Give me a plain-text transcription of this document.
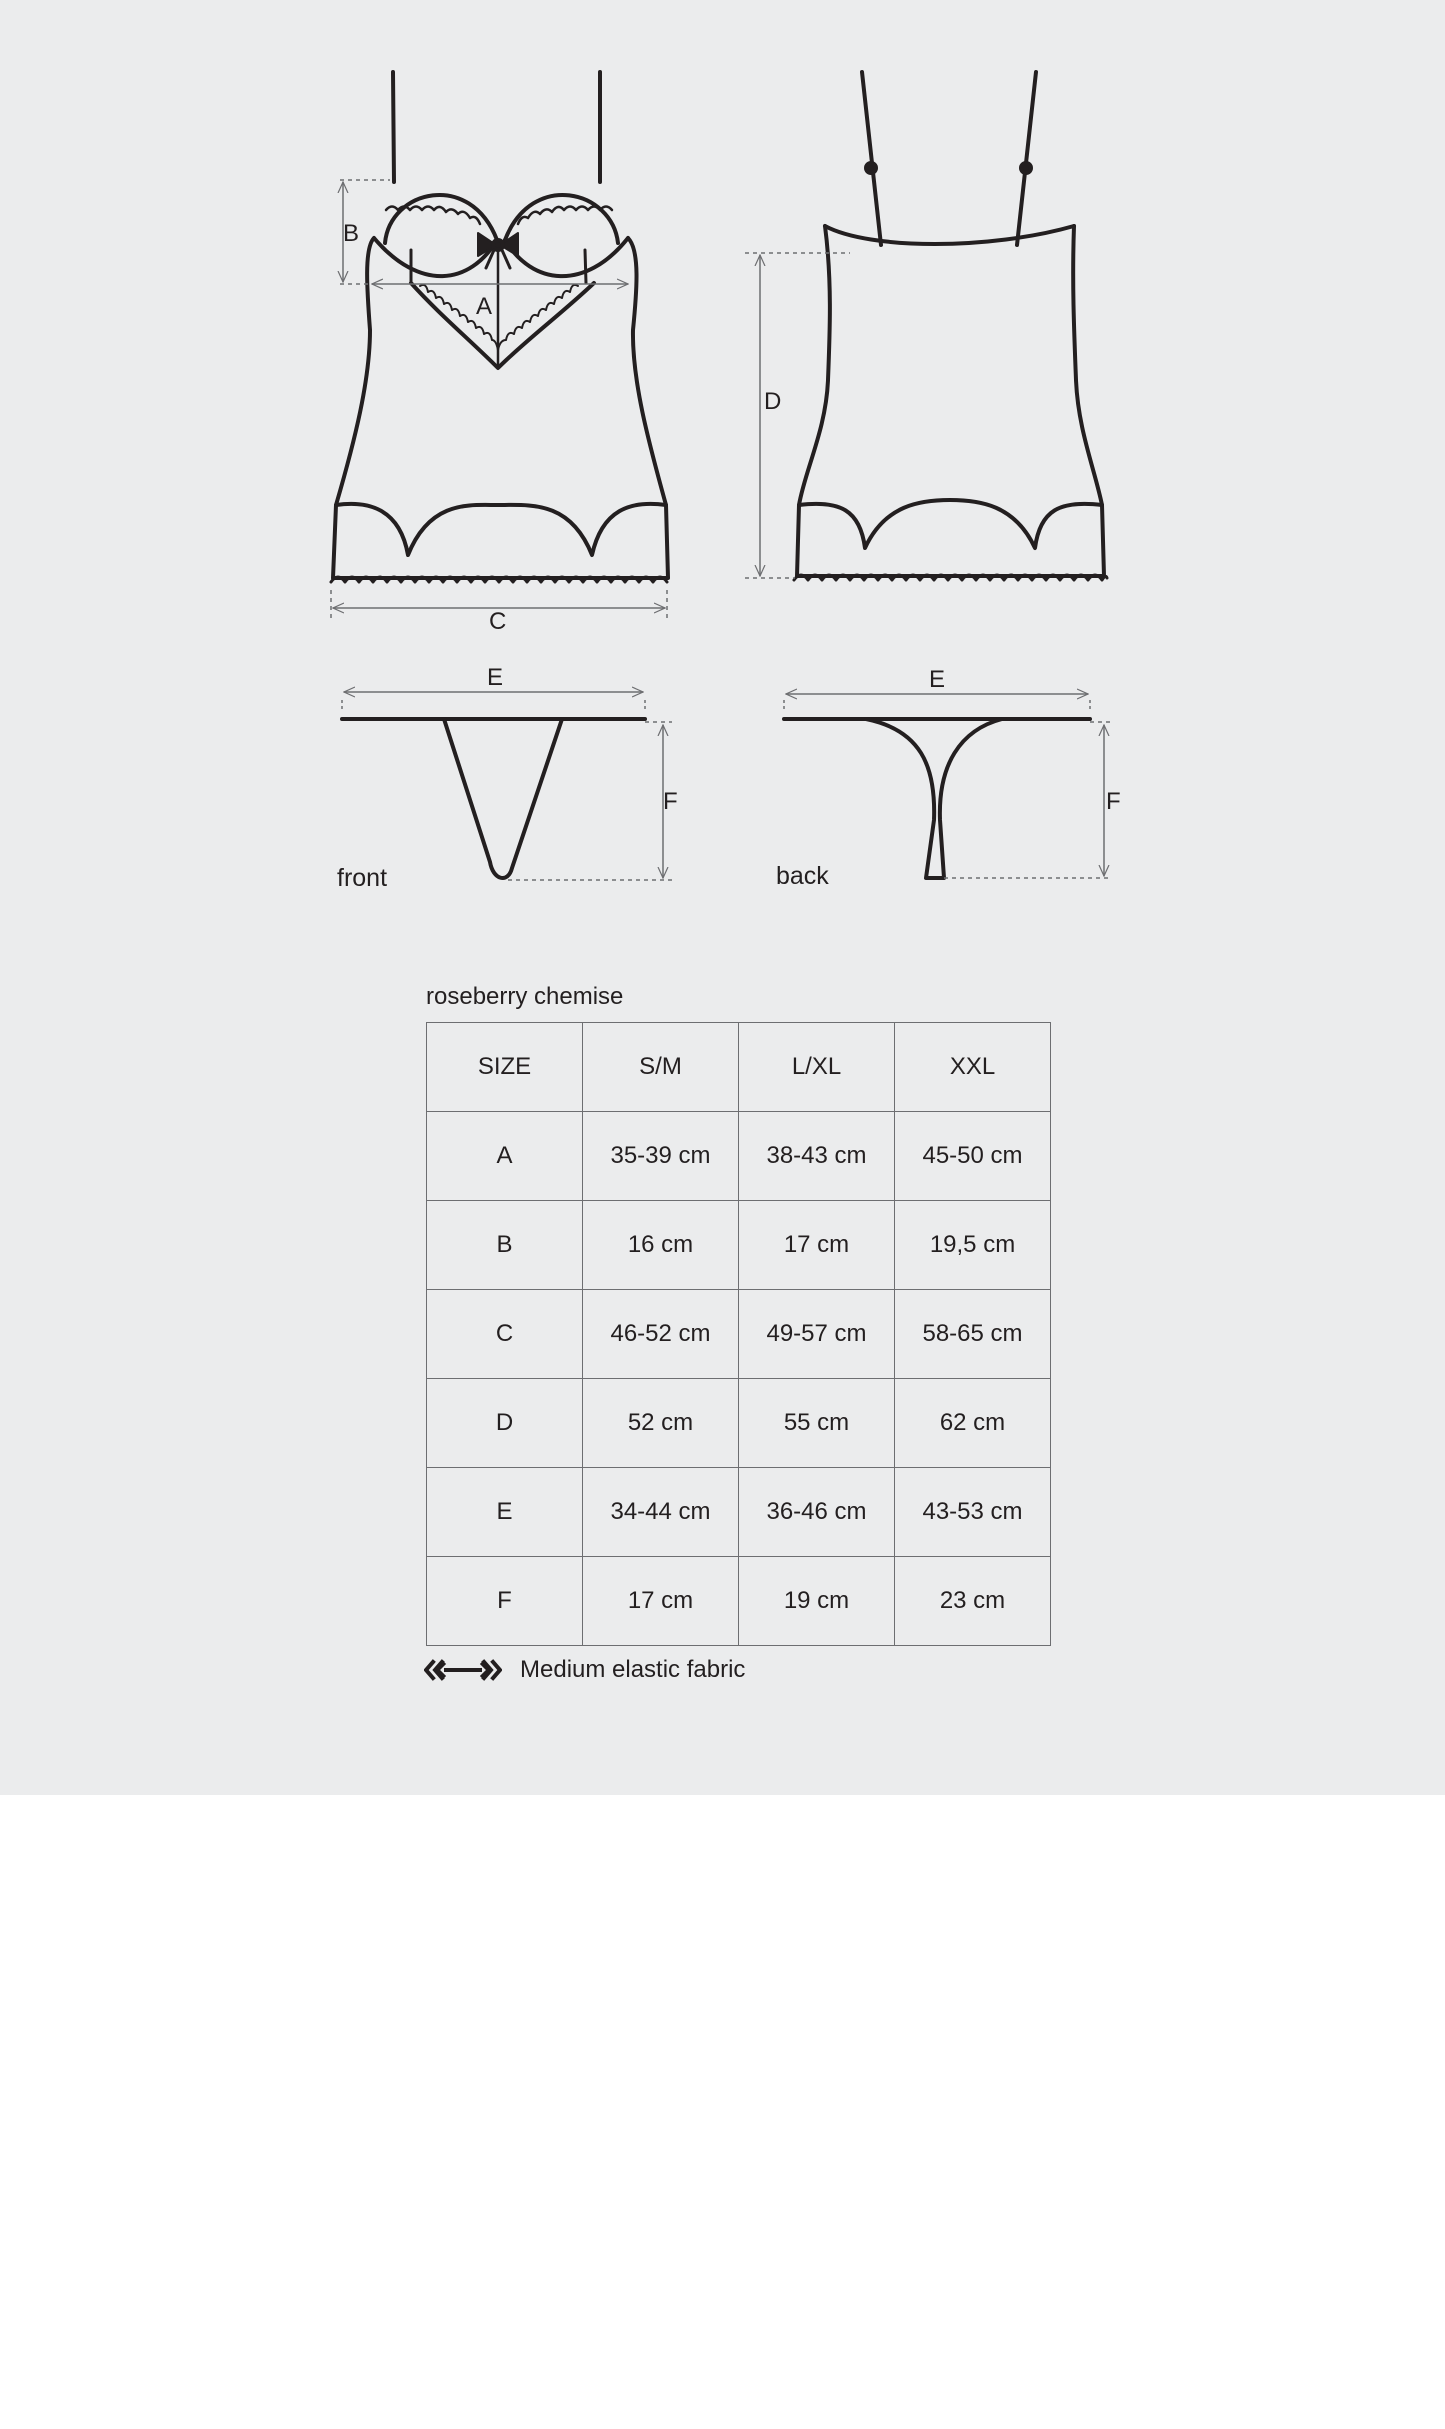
B
A
C
D
E	E
F	F
front	back
roseberry chemise
SIZE	S/M	L/XL	XXL
A	35-39 cm	38-43 cm	45-50 cm
B	16 cm	17 cm	19,5 cm
C	46-52 cm	49-57 cm	58-65 cm
D	52 cm	55 cm	62 cm
E	34-44 cm	36-46 cm	43-53 cm
F	17 cm	19 cm	23 cm
Medium elastic fabric
